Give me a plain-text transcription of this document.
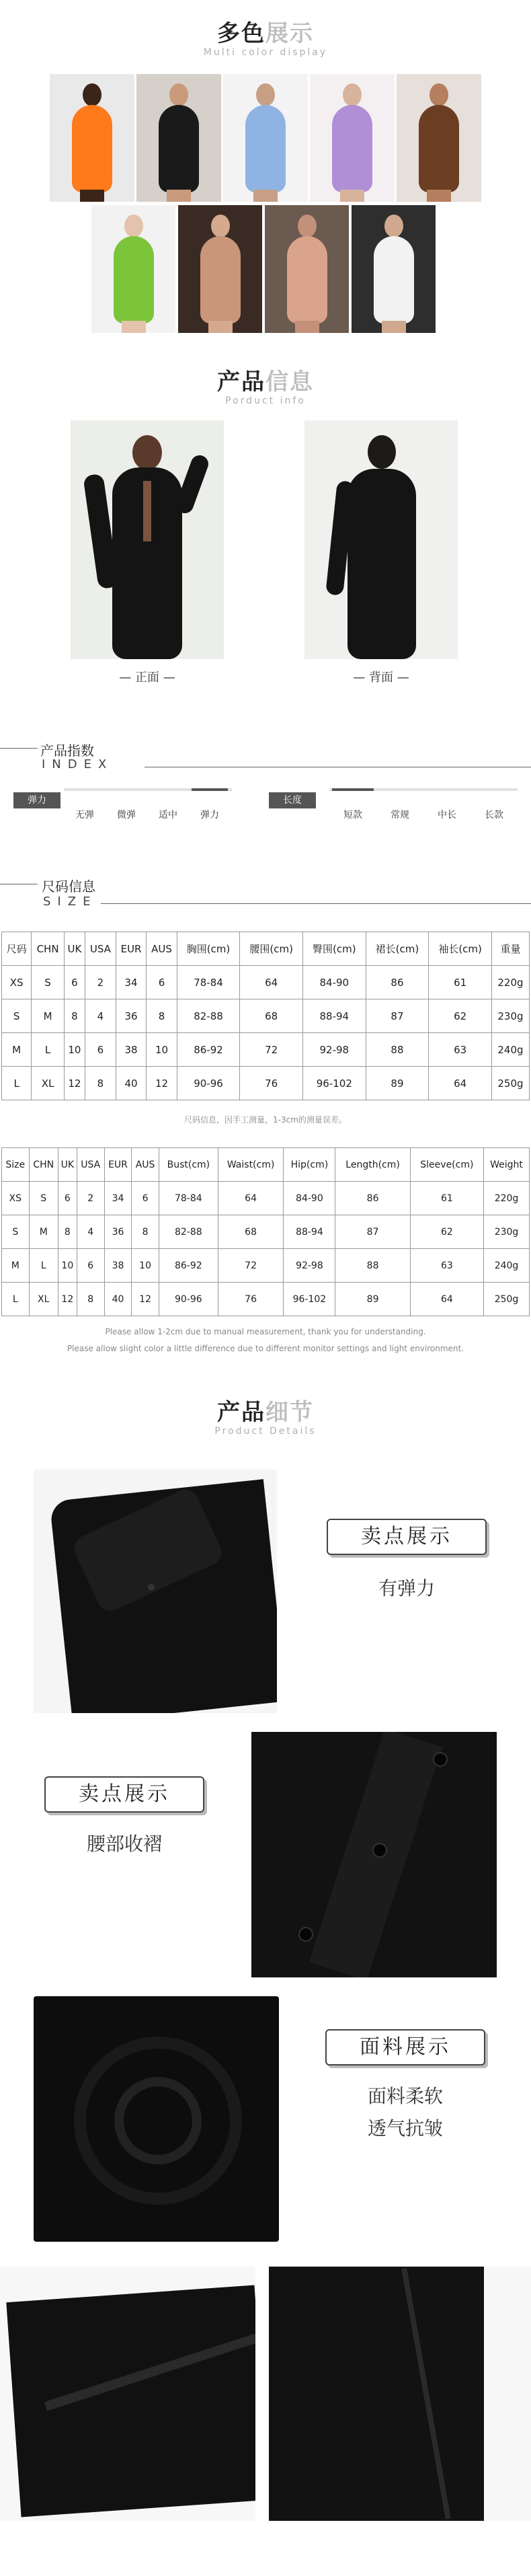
多色展示
Multi color display
产品信息
Porduct info
— 正面 —	— 背面 —
产品指数
INDEX
弹力
无弹	微弹	适中	弹力
长度
短款	常规	中长	长款
尺码信息
SIZE
尺码	CHN	UK	USA	EUR	AUS	胸围(cm)	腰围(cm)	臀围(cm)	裙长(cm)	袖长(cm)	重量
XS	S	6	2	34	6	78-84	64	84-90	86	61	220g
S	M	8	4	36	8	82-88	68	88-94	87	62	230g
M	L	10	6	38	10	86-92	72	92-98	88	63	240g
L	XL	12	8	40	12	90-96	76	96-102	89	64	250g
尺码信息，因手工测量，1-3cm的测量误差。
Size	CHN	UK	USA	EUR	AUS	Bust(cm)	Waist(cm)	Hip(cm)	Length(cm)	Sleeve(cm)	Weight
XS	S	6	2	34	6	78-84	64	84-90	86	61	220g
S	M	8	4	36	8	82-88	68	88-94	87	62	230g
M	L	10	6	38	10	86-92	72	92-98	88	63	240g
L	XL	12	8	40	12	90-96	76	96-102	89	64	250g
Please allow 1-2cm due to manual measurement, thank you for understanding.
Please allow slight color a little difference due to different monitor settings and light environment.
产品细节
Product Details
卖点展示
有弹力
卖点展示
腰部收褶
面料展示
面料柔软
透气抗皱
